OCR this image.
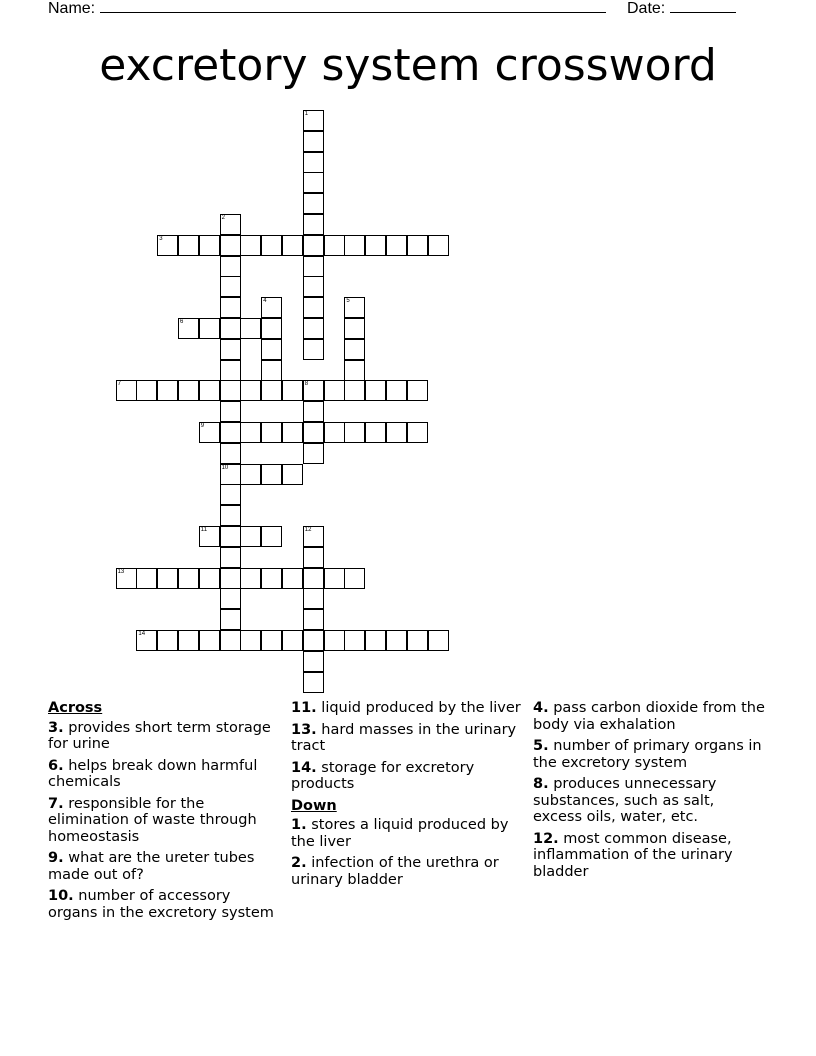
Name:	Date:
excretory system crossword
1
2
10
3
4	5
6
7	8
9
11	12
13
14
Across
3. provides short term storage for urine
6. helps break down harmful chemicals
7. responsible for the elimination of waste through homeostasis
9. what are the ureter tubes made out of?
10. number of accessory organs in the excretory system
11. liquid produced by the liver
13. hard masses in the urinary tract
14. storage for excretory products
Down
1. stores a liquid produced by the liver
2. infection of the urethra or urinary bladder
4. pass carbon dioxide from the body via exhalation
5. number of primary organs in the excretory system
8. produces unnecessary substances, such as salt, excess oils, water, etc.
12. most common disease, inflammation of the urinary bladder
